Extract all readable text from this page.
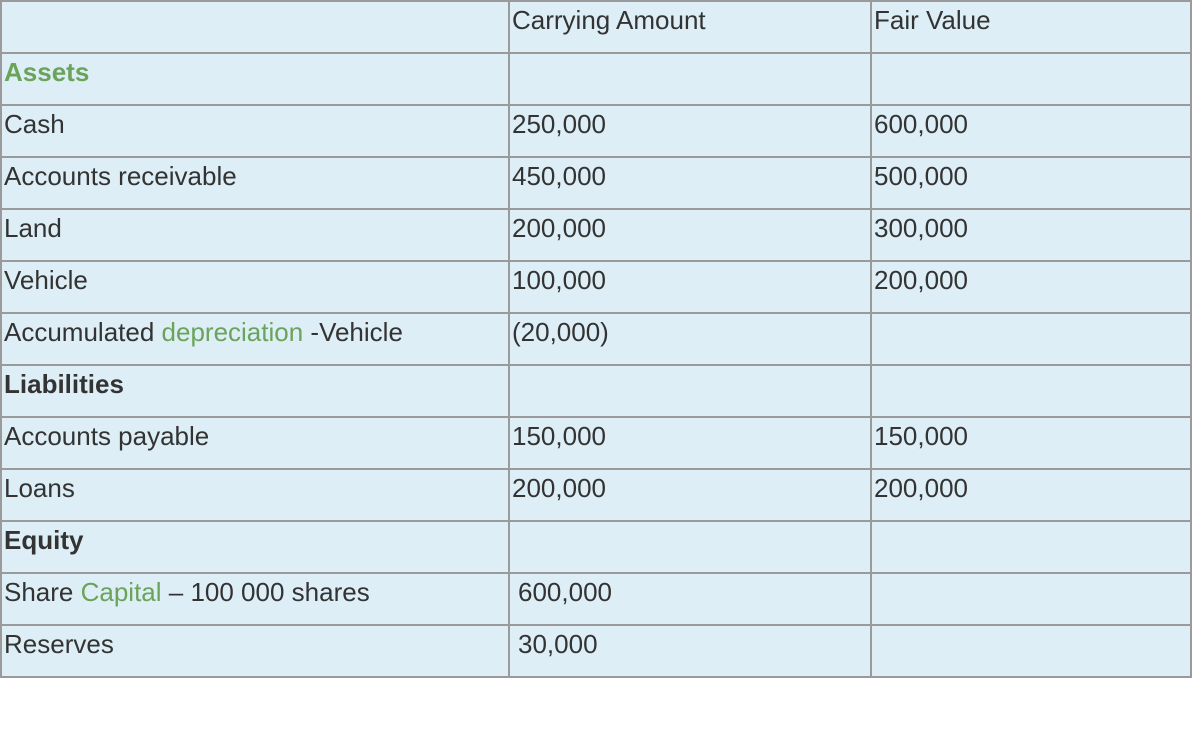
	Carrying Amount	Fair Value
Assets		
Cash	250,000	600,000
Accounts receivable	450,000	500,000
Land	200,000	300,000
Vehicle	100,000	200,000
Accumulated depreciation -Vehicle	(20,000)	
Liabilities		
Accounts payable	150,000	150,000
Loans	200,000	200,000
Equity		
Share Capital – 100 000 shares	600,000	
Reserves	30,000	
